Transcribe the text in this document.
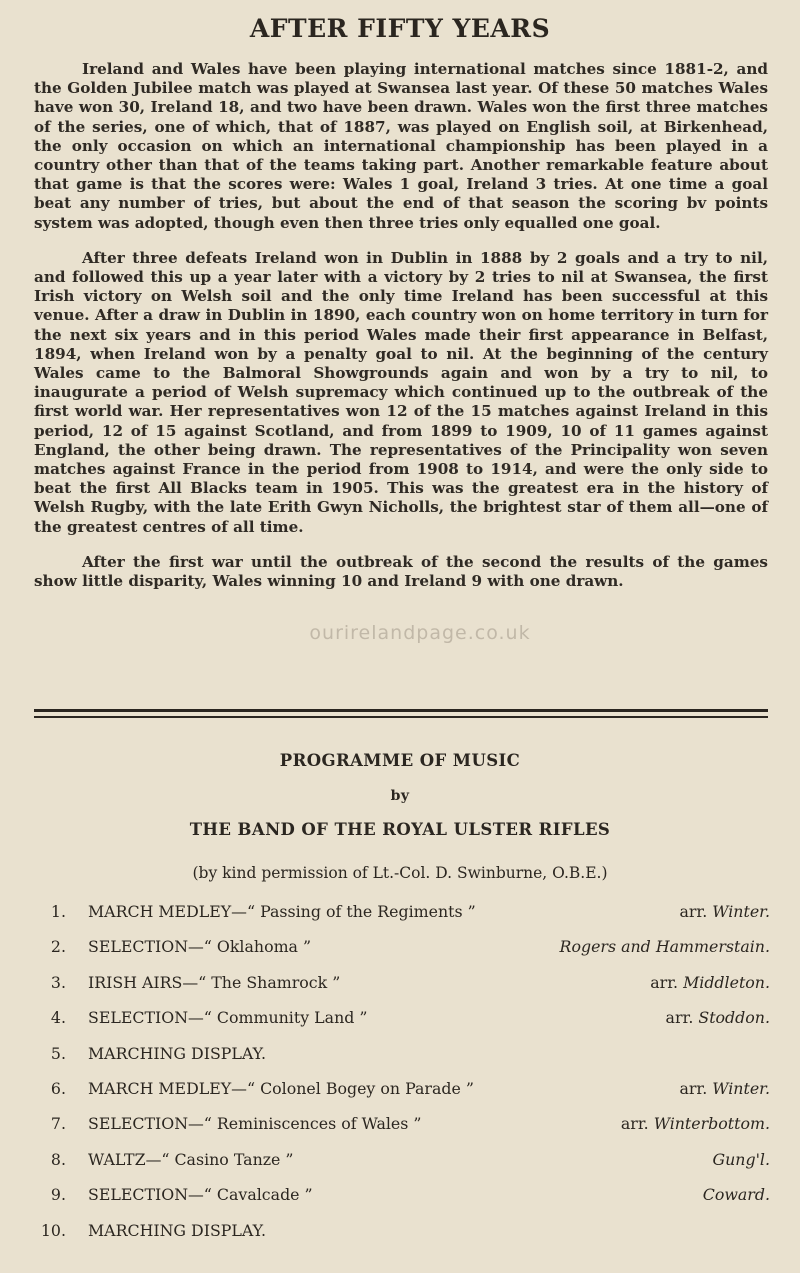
AFTER FIFTY YEARS

Ireland and Wales have been playing international matches since 1881-2, and the Golden Jubilee match was played at Swansea last year. Of these 50 matches Wales have won 30, Ireland 18, and two have been drawn. Wales won the first three matches of the series, one of which, that of 1887, was played on English soil, at Birkenhead, the only occasion on which an international championship has been played in a country other than that of the teams taking part. Another remarkable feature about that game is that the scores were: Wales 1 goal, Ireland 3 tries. At one time a goal beat any number of tries, but about the end of that season the scoring bv points system was adopted, though even then three tries only equalled one goal.

After three defeats Ireland won in Dublin in 1888 by 2 goals and a try to nil, and followed this up a year later with a victory by 2 tries to nil at Swansea, the first Irish victory on Welsh soil and the only time Ireland has been successful at this venue. After a draw in Dublin in 1890, each country won on home territory in turn for the next six years and in this period Wales made their first appearance in Belfast, 1894, when Ireland won by a penalty goal to nil. At the beginning of the century Wales came to the Balmoral Showgrounds again and won by a try to nil, to inaugurate a period of Welsh supremacy which continued up to the outbreak of the first world war. Her representatives won 12 of the 15 matches against Ireland in this period, 12 of 15 against Scotland, and from 1899 to 1909, 10 of 11 games against England, the other being drawn. The representatives of the Principality won seven matches against France in the period from 1908 to 1914, and were the only side to beat the first All Blacks team in 1905. This was the greatest era in the history of Welsh Rugby, with the late Erith Gwyn Nicholls, the brightest star of them all—one of the greatest centres of all time.

After the first war until the outbreak of the second the results of the games show little disparity, Wales winning 10 and Ireland 9 with one drawn.

ourirelandpage.co.uk
PROGRAMME OF MUSIC
by
THE BAND OF THE ROYAL ULSTER RIFLES
(by kind permission of Lt.-Col. D. Swinburne, O.B.E.)
1. MARCH MEDLEY—“ Passing of the Regiments ”	arr. Winter.
2. SELECTION—“ Oklahoma ”	Rogers and Hammerstain.
3. IRISH AIRS—“ The Shamrock ”	arr. Middleton.
4. SELECTION—“ Community Land ”	arr. Stoddon.
5. MARCHING DISPLAY.
6. MARCH MEDLEY—“ Colonel Bogey on Parade ”	arr. Winter.
7. SELECTION—“ Reminiscences of Wales ”	arr. Winterbottom.
8. WALTZ—“ Casino Tanze ”	Gung'l.
9. SELECTION—“ Cavalcade ”	Coward.
10. MARCHING DISPLAY.
